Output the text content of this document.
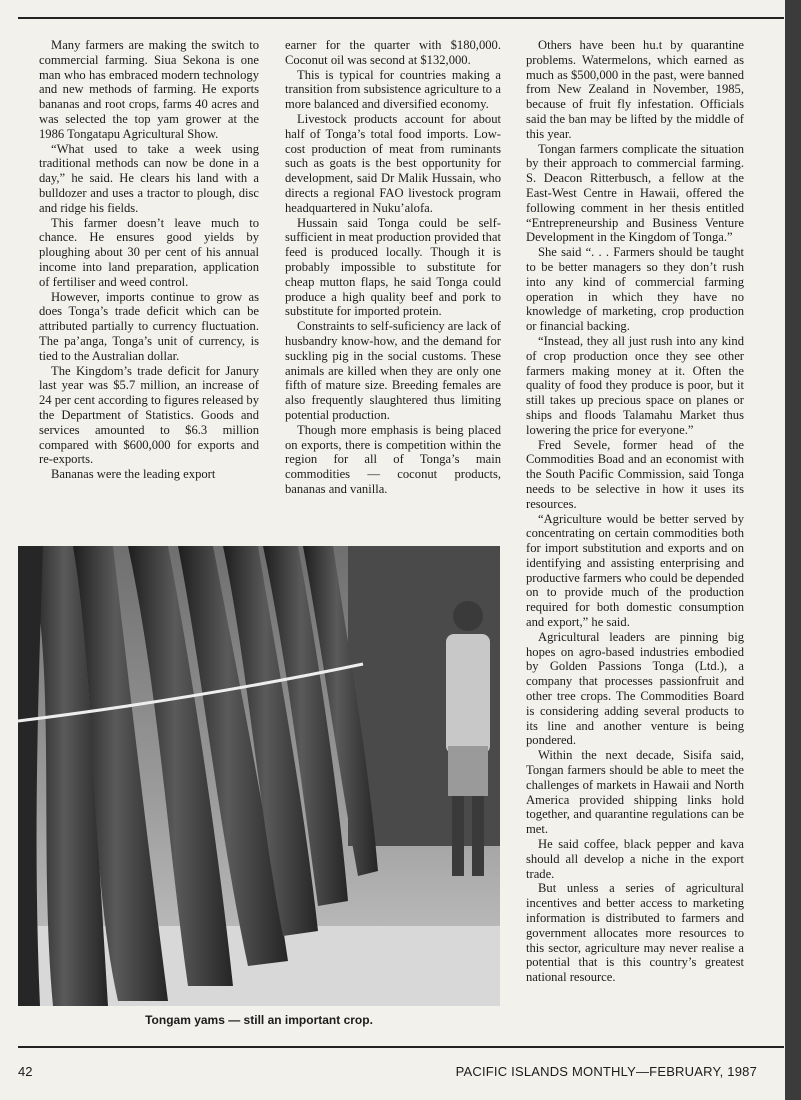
Many farmers are making the switch to commercial farming. Siua Sekona is one man who has embraced modern technology and new methods of farming. He exports bananas and root crops, farms 40 acres and was selected the top yam grower at the 1986 Tongatapu Agricultural Show.

“What used to take a week using traditional methods can now be done in a day,” he said. He clears his land with a bulldozer and uses a tractor to plough, disc and ridge his fields.

This farmer doesn’t leave much to chance. He ensures good yields by ploughing about 30 per cent of his annual income into land preparation, application of fertiliser and weed control.

However, imports continue to grow as does Tonga’s trade deficit which can be attributed partially to currency fluctuation. The pa’anga, Tonga’s unit of currency, is tied to the Australian dollar.

The Kingdom’s trade deficit for Janury last year was $5.7 million, an increase of 24 per cent according to figures released by the Department of Statistics. Goods and services amounted to $6.3 million compared with $600,000 for exports and re-exports.

Bananas were the leading export

earner for the quarter with $180,000. Coconut oil was second at $132,000.

This is typical for countries making a transition from subsistence agriculture to a more balanced and diversified economy.

Livestock products account for about half of Tonga’s total food imports. Low-cost production of meat from ruminants such as goats is the best opportunity for development, said Dr Malik Hussain, who directs a regional FAO livestock program headquartered in Nuku’alofa.

Hussain said Tonga could be self-sufficient in meat production provided that feed is produced locally. Though it is probably impossible to substitute for cheap mutton flaps, he said Tonga could produce a high quality beef and pork to substitute for imported protein.

Constraints to self-suficiency are lack of husbandry know-how, and the demand for suckling pig in the social customs. These animals are killed when they are only one fifth of mature size. Breeding females are also frequently slaughtered thus limiting potential production.

Though more emphasis is being placed on exports, there is competition within the region for all of Tonga’s main commodities — coconut products, bananas and vanilla.

Others have been hu.t by quarantine problems. Watermelons, which earned as much as $500,000 in the past, were banned from New Zealand in November, 1985, because of fruit fly infestation. Officials said the ban may be lifted by the middle of this year.

Tongan farmers complicate the situation by their approach to commercial farming. S. Deacon Ritterbusch, a fellow at the East-West Centre in Hawaii, offered the following comment in her thesis entitled “Entrepreneurship and Business Venture Development in the Kingdom of Tonga.”

She said “. . . Farmers should be taught to be better managers so they don’t rush into any kind of commercial farming operation in which they have no knowledge of marketing, crop production or financial backing.

“Instead, they all just rush into any kind of crop production once they see other farmers making money at it. Often the quality of food they produce is poor, but it still takes up precious space on planes or ships and floods Talamahu Market thus lowering the price for everyone.”

Fred Sevele, former head of the Commodities Boad and an economist with the South Pacific Commission, said Tonga needs to be selective in how it uses its resources.

“Agriculture would be better served by concentrating on certain commodities both for import substitution and exports and on identifying and assisting enterprising and productive farmers who could be depended on to provide much of the production required for both domestic consumption and export,” he said.

Agricultural leaders are pinning big hopes on agro-based industries embodied by Golden Passions Tonga (Ltd.), a company that processes passionfruit and other tree crops. The Commodities Board is considering adding several products to its line and another venture is being pondered.

Within the next decade, Sisifa said, Tongan farmers should be able to meet the challenges of markets in Hawaii and North America provided shipping links hold together, and quarantine regulations can be met.

He said coffee, black pepper and kava should all develop a niche in the export trade.

But unless a series of agricultural incentives and better access to marketing information is distributed to farmers and government allocates more resources to this sector, agriculture may never realise a potential that is this country’s greatest national resource.

Tongam yams — still an important crop.
42	PACIFIC ISLANDS MONTHLY—FEBRUARY, 1987
